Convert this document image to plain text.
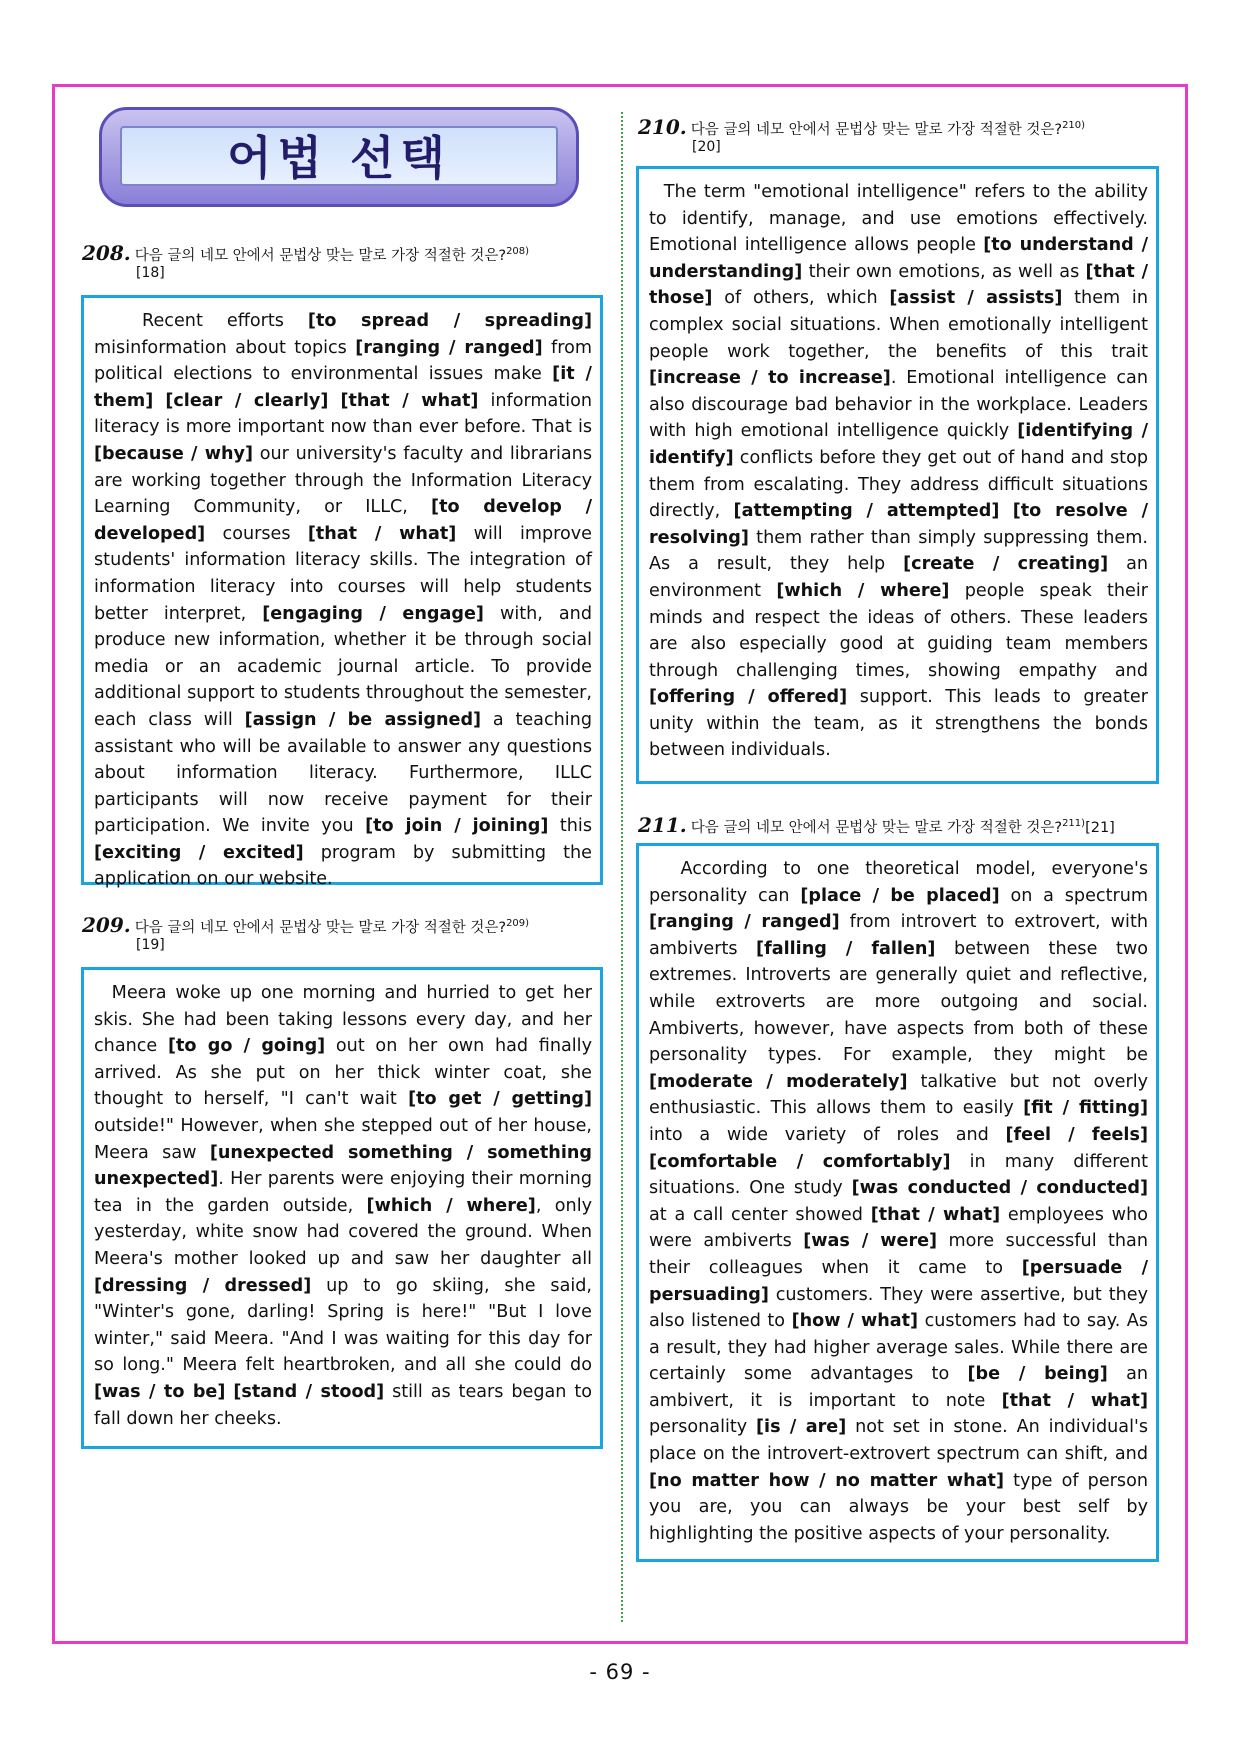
어법 선택
208. 다음 글의 네모 안에서 문법상 맞는 말로 가장 적절한 것은?$^{208)}$
[18]
Recent efforts [to spread / spreading] misinformation about topics [ranging / ranged] from political elections to environmental issues make [it / them] [clear / clearly] [that / what] information literacy is more important now than ever before. That is [because / why] our university's faculty and librarians are working together through the Information Literacy Learning Community, or ILLC, [to develop / developed] courses [that / what] will improve students' information literacy skills. The integration of information literacy into courses will help students better interpret, [engaging / engage] with, and produce new information, whether it be through social media or an academic journal article. To provide additional support to students throughout the semester, each class will [assign / be assigned] a teaching assistant who will be available to answer any questions about information literacy. Furthermore, ILLC participants will now receive payment for their participation. We invite you [to join / joining] this [exciting / excited] program by submitting the application on our website.
209. 다음 글의 네모 안에서 문법상 맞는 말로 가장 적절한 것은?$^{209)}$
[19]
Meera woke up one morning and hurried to get her skis. She had been taking lessons every day, and her chance [to go / going] out on her own had finally arrived. As she put on her thick winter coat, she thought to herself, "I can't wait [to get / getting] outside!" However, when she stepped out of her house, Meera saw [unexpected something / something unexpected]. Her parents were enjoying their morning tea in the garden outside, [which / where], only yesterday, white snow had covered the ground. When Meera's mother looked up and saw her daughter all [dressing / dressed] up to go skiing, she said, "Winter's gone, darling! Spring is here!" "But I love winter," said Meera. "And I was waiting for this day for so long." Meera felt heartbroken, and all she could do [was / to be] [stand / stood] still as tears began to fall down her cheeks.
210. 다음 글의 네모 안에서 문법상 맞는 말로 가장 적절한 것은?$^{210)}$
[20]
The term "emotional intelligence" refers to the ability to identify, manage, and use emotions effectively. Emotional intelligence allows people [to understand / understanding] their own emotions, as well as [that / those] of others, which [assist / assists] them in complex social situations. When emotionally intelligent people work together, the benefits of this trait [increase / to increase]. Emotional intelligence can also discourage bad behavior in the workplace. Leaders with high emotional intelligence quickly [identifying / identify] conflicts before they get out of hand and stop them from escalating. They address difficult situations directly, [attempting / attempted] [to resolve / resolving] them rather than simply suppressing them. As a result, they help [create / creating] an environment [which / where] people speak their minds and respect the ideas of others. These leaders are also especially good at guiding team members through challenging times, showing empathy and [offering / offered] support. This leads to greater unity within the team, as it strengthens the bonds between individuals.
211. 다음 글의 네모 안에서 문법상 맞는 말로 가장 적절한 것은?$^{211)}$[21]
According to one theoretical model, everyone's personality can [place / be placed] on a spectrum [ranging / ranged] from introvert to extrovert, with ambiverts [falling / fallen] between these two extremes. Introverts are generally quiet and reflective, while extroverts are more outgoing and social. Ambiverts, however, have aspects from both of these personality types. For example, they might be [moderate / moderately] talkative but not overly enthusiastic. This allows them to easily [fit / fitting] into a wide variety of roles and [feel / feels] [comfortable / comfortably] in many different situations. One study [was conducted / conducted] at a call center showed [that / what] employees who were ambiverts [was / were] more successful than their colleagues when it came to [persuade / persuading] customers. They were assertive, but they also listened to [how / what] customers had to say. As a result, they had higher average sales. While there are certainly some advantages to [be / being] an ambivert, it is important to note [that / what] personality [is / are] not set in stone. An individual's place on the introvert-extrovert spectrum can shift, and [no matter how / no matter what] type of person you are, you can always be your best self by highlighting the positive aspects of your personality.
- 69 -
